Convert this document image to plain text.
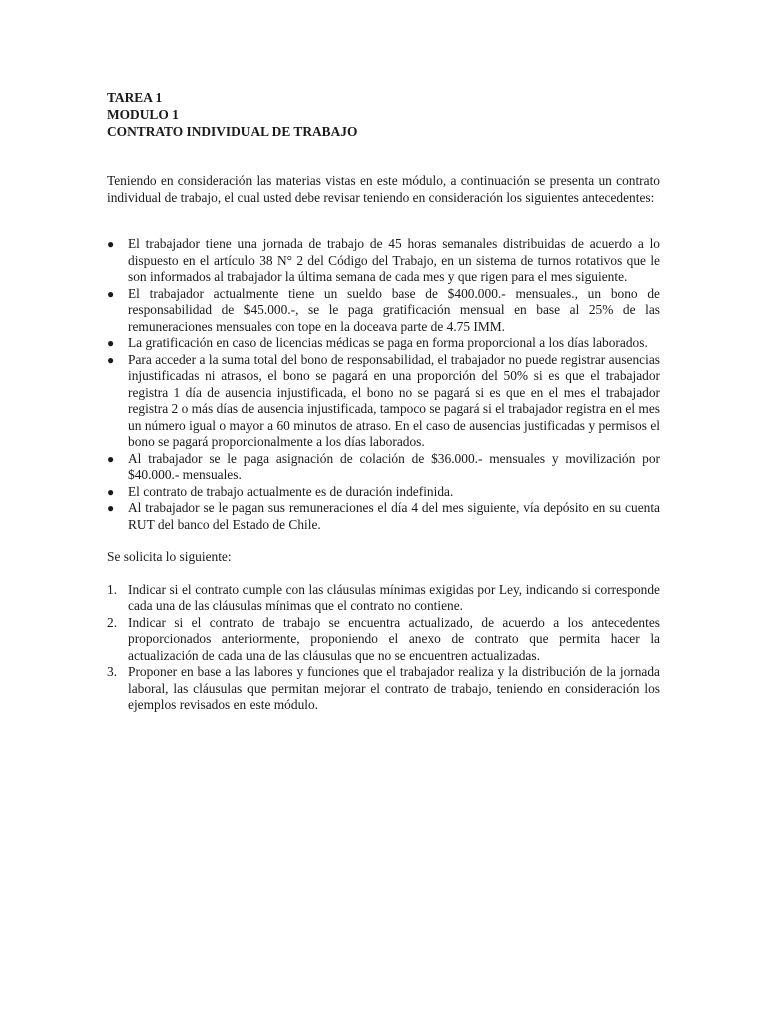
TAREA 1
MODULO 1
CONTRATO INDIVIDUAL DE TRABAJO

Teniendo en consideración las materias vistas en este módulo, a continuación se presenta un contrato individual de trabajo, el cual usted debe revisar teniendo en consideración los siguientes antecedentes:

● El trabajador tiene una jornada de trabajo de 45 horas semanales distribuidas de acuerdo a lo dispuesto en el artículo 38 N° 2 del Código del Trabajo, en un sistema de turnos rotativos que le son informados al trabajador la última semana de cada mes y que rigen para el mes siguiente.
● El trabajador actualmente tiene un sueldo base de $400.000.- mensuales., un bono de responsabilidad de $45.000.-, se le paga gratificación mensual en base al 25% de las remuneraciones mensuales con tope en la doceava parte de 4.75 IMM.
● La gratificación en caso de licencias médicas se paga en forma proporcional a los días laborados.
● Para acceder a la suma total del bono de responsabilidad, el trabajador no puede registrar ausencias injustificadas ni atrasos, el bono se pagará en una proporción del 50% si es que el trabajador registra 1 día de ausencia injustificada, el bono no se pagará si es que en el mes el trabajador registra 2 o más días de ausencia injustificada, tampoco se pagará si el trabajador registra en el mes un número igual o mayor a 60 minutos de atraso. En el caso de ausencias justificadas y permisos el bono se pagará proporcionalmente a los días laborados.
● Al trabajador se le paga asignación de colación de $36.000.- mensuales y movilización por $40.000.- mensuales.
● El contrato de trabajo actualmente es de duración indefinida.
● Al trabajador se le pagan sus remuneraciones el día 4 del mes siguiente, vía depósito en su cuenta RUT del banco del Estado de Chile.

Se solicita lo siguiente:

1. Indicar si el contrato cumple con las cláusulas mínimas exigidas por Ley, indicando si corresponde cada una de las cláusulas mínimas que el contrato no contiene.
2. Indicar si el contrato de trabajo se encuentra actualizado, de acuerdo a los antecedentes proporcionados anteriormente, proponiendo el anexo de contrato que permita hacer la actualización de cada una de las cláusulas que no se encuentren actualizadas.
3. Proponer en base a las labores y funciones que el trabajador realiza y la distribución de la jornada laboral, las cláusulas que permitan mejorar el contrato de trabajo, teniendo en consideración los ejemplos revisados en este módulo.
